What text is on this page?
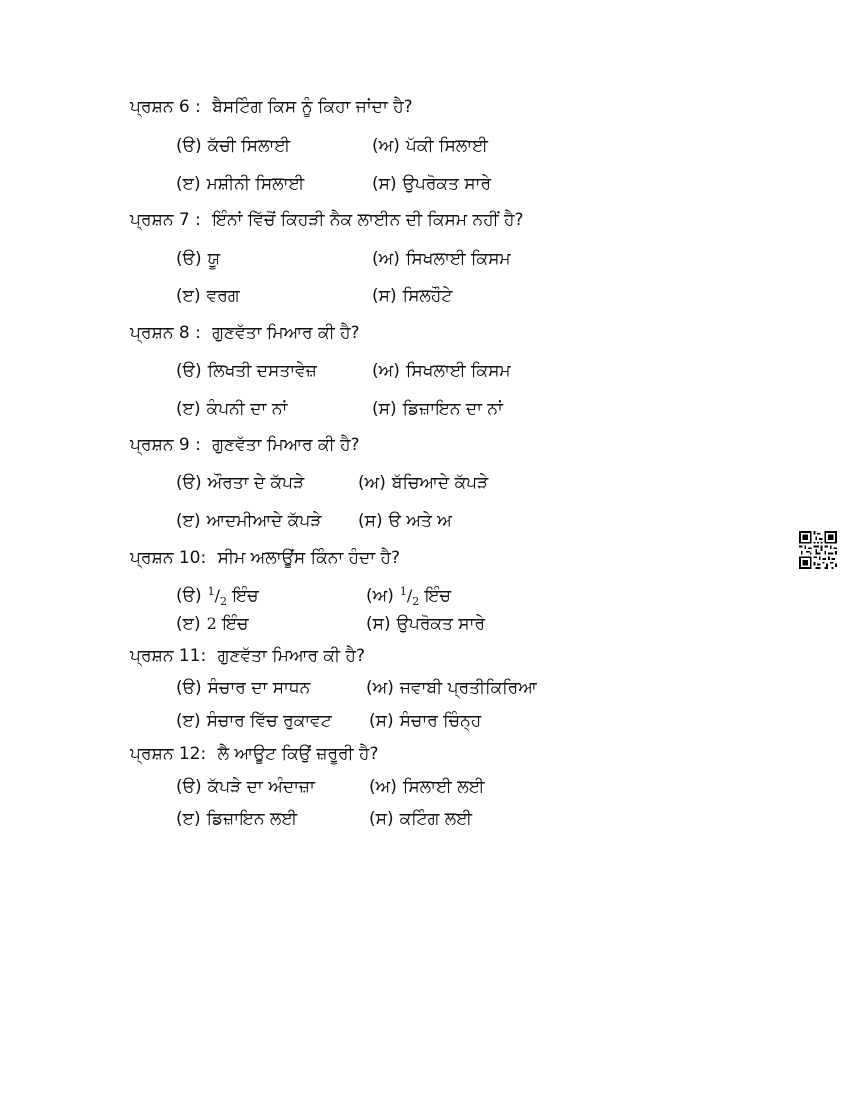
ਪ੍ਰਸ਼ਨ 6 : ਬੈਸਟਿੰਗ ਕਿਸ ਨੂੰ ਕਿਹਾ ਜਾਂਦਾ ਹੈ?
(ੳ) ਕੱਚੀ ਸਿਲਾਈ	(ਅ) ਪੱਕੀ ਸਿਲਾਈ
(ੲ) ਮਸ਼ੀਨੀ ਸਿਲਾਈ	(ਸ) ਉਪਰੋਕਤ ਸਾਰੇ
ਪ੍ਰਸ਼ਨ 7 : ਇੰਨਾਂ ਵਿੱਚੋਂ ਕਿਹੜੀ ਨੈਕ ਲਾਈਨ ਦੀ ਕਿਸਮ ਨਹੀਂ ਹੈ?
(ੳ) ਯੂ	(ਅ) ਸਿਖਲਾਈ ਕਿਸਮ
(ੲ) ਵਰਗ	(ਸ) ਸਿਲਹੌਟੇ
ਪ੍ਰਸ਼ਨ 8 : ਗੁਣਵੱਤਾ ਮਿਆਰ ਕੀ ਹੈ?
(ੳ) ਲਿਖਤੀ ਦਸਤਾਵੇਜ਼	(ਅ) ਸਿਖਲਾਈ ਕਿਸਮ
(ੲ) ਕੰਪਨੀ ਦਾ ਨਾਂ	(ਸ) ਡਿਜ਼ਾਇਨ ਦਾ ਨਾਂ
ਪ੍ਰਸ਼ਨ 9 : ਗੁਣਵੱਤਾ ਮਿਆਰ ਕੀ ਹੈ?
(ੳ) ਔਰਤਾ ਦੇ ਕੱਪੜੇ	(ਅ) ਬੱਚਿਆਦੇ ਕੱਪੜੇ
(ੲ) ਆਦਮੀਆਦੇ ਕੱਪੜੇ (ਸ) ੳ ਅਤੇ ਅ
ਪ੍ਰਸ਼ਨ 10: ਸੀਮ ਅਲਾਊਂਸ ਕਿੰਨਾ ਹੰਦਾ ਹੈ?
(ੳ) $^1/_2$ ਇੰਚ	(ਅ) $^1/_2$ ਇੰਚ
(ੲ) 2 ਇੰਚ	(ਸ) ਉਪਰੋਕਤ ਸਾਰੇ
ਪ੍ਰਸ਼ਨ 11: ਗੁਣਵੱਤਾ ਮਿਆਰ ਕੀ ਹੈ?
(ੳ) ਸੰਚਾਰ ਦਾ ਸਾਧਨ	(ਅ) ਜਵਾਬੀ ਪ੍ਰਤੀਕਿਰਿਆ
(ੲ) ਸੰਚਾਰ ਵਿੱਚ ਰੁਕਾਵਟ (ਸ) ਸੰਚਾਰ ਚਿੰਨ੍ਹ
ਪ੍ਰਸ਼ਨ 12: ਲੈ ਆਊਟ ਕਿਉਂ ਜ਼ਰੂਰੀ ਹੈ?
(ੳ) ਕੱਪੜੇ ਦਾ ਅੰਦਾਜ਼ਾ	(ਅ) ਸਿਲਾਈ ਲਈ
(ੲ) ਡਿਜ਼ਾਇਨ ਲਈ	(ਸ) ਕਟਿੰਗ ਲਈ
